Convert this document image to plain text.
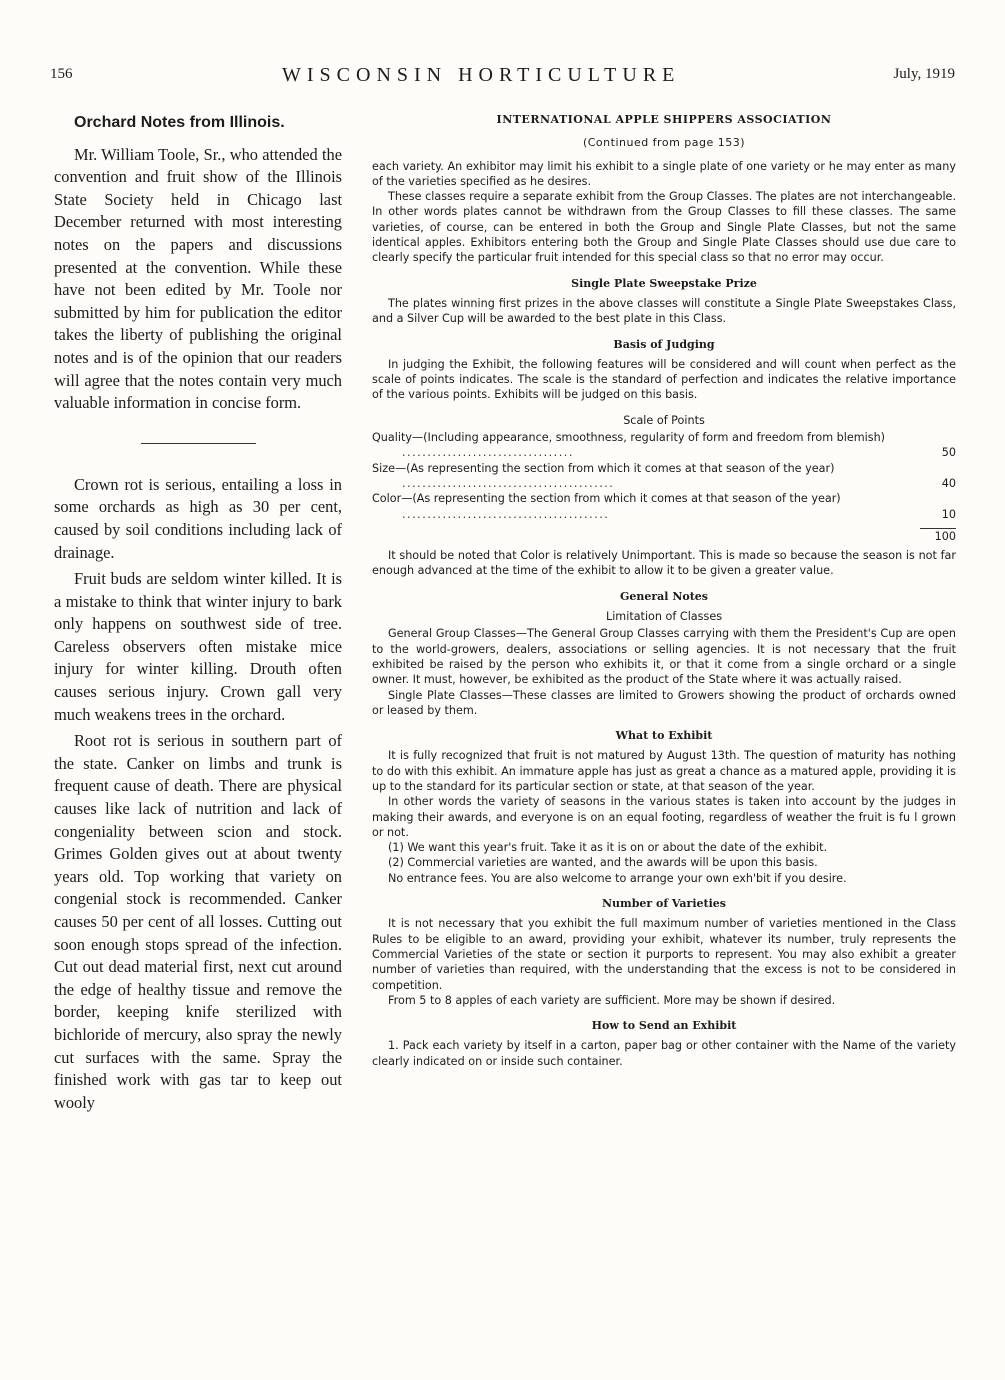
156	WISCONSIN HORTICULTURE	July, 1919
Orchard Notes from Illinois.

Mr. William Toole, Sr., who attended the convention and fruit show of the Illinois State Society held in Chicago last December returned with most interesting notes on the papers and discussions presented at the convention. While these have not been edited by Mr. Toole nor submitted by him for publication the editor takes the liberty of publishing the original notes and is of the opinion that our readers will agree that the notes contain very much valuable information in concise form.

Crown rot is serious, entailing a loss in some orchards as high as 30 per cent, caused by soil conditions including lack of drainage.

Fruit buds are seldom winter killed. It is a mistake to think that winter injury to bark only happens on southwest side of tree. Careless observers often mistake mice injury for winter killing. Drouth often causes serious injury. Crown gall very much weakens trees in the orchard.

Root rot is serious in southern part of the state. Canker on limbs and trunk is frequent cause of death. There are physical causes like lack of nutrition and lack of congeniality between scion and stock. Grimes Golden gives out at about twenty years old. Top working that variety on congenial stock is recommended. Canker causes 50 per cent of all losses. Cutting out soon enough stops spread of the infection. Cut out dead material first, next cut around the edge of healthy tissue and remove the border, keeping knife sterilized with bichloride of mercury, also spray the newly cut surfaces with the same. Spray the finished work with gas tar to keep out wooly

INTERNATIONAL APPLE SHIPPERS ASSOCIATION
(Continued from page 153)

each variety. An exhibitor may limit his exhibit to a single plate of one variety or he may enter as many of the varieties specified as he desires.

These classes require a separate exhibit from the Group Classes. The plates are not interchangeable. In other words plates cannot be withdrawn from the Group Classes to fill these classes. The same varieties, of course, can be entered in both the Group and Single Plate Classes, but not the same identical apples. Exhibitors entering both the Group and Single Plate Classes should use due care to clearly specify the particular fruit intended for this special class so that no error may occur.

Single Plate Sweepstake Prize

The plates winning first prizes in the above classes will constitute a Single Plate Sweepstakes Class, and a Silver Cup will be awarded to the best plate in this Class.

Basis of Judging

In judging the Exhibit, the following features will be considered and will count when perfect as the scale of points indicates. The scale is the standard of perfection and indicates the relative importance of the various points. Exhibits will be judged on this basis.

Scale of Points
Quality—(Including appearance, smoothness, regularity of form and freedom from blemish) ..................................	50
Size—(As representing the section from which it comes at that season of the year) ..........................................	40
Color—(As representing the section from which it comes at that season of the year) .........................................	10
100

It should be noted that Color is relatively Unimportant. This is made so because the season is not far enough advanced at the time of the exhibit to allow it to be given a greater value.

General Notes
Limitation of Classes

General Group Classes—The General Group Classes carrying with them the President's Cup are open to the world-growers, dealers, associations or selling agencies. It is not necessary that the fruit exhibited be raised by the person who exhibits it, or that it come from a single orchard or a single owner. It must, however, be exhibited as the product of the State where it was actually raised.

Single Plate Classes—These classes are limited to Growers showing the product of orchards owned or leased by them.

What to Exhibit

It is fully recognized that fruit is not matured by August 13th. The question of maturity has nothing to do with this exhibit. An immature apple has just as great a chance as a matured apple, providing it is up to the standard for its particular section or state, at that season of the year.

In other words the variety of seasons in the various states is taken into account by the judges in making their awards, and everyone is on an equal footing, regardless of weather the fruit is fu l grown or not.

(1) We want this year's fruit. Take it as it is on or about the date of the exhibit.

(2) Commercial varieties are wanted, and the awards will be upon this basis.

No entrance fees. You are also welcome to arrange your own exh'bit if you desire.

Number of Varieties

It is not necessary that you exhibit the full maximum number of varieties mentioned in the Class Rules to be eligible to an award, providing your exhibit, whatever its number, truly represents the Commercial Varieties of the state or section it purports to represent. You may also exhibit a greater number of varieties than required, with the understanding that the excess is not to be considered in competition.

From 5 to 8 apples of each variety are sufficient. More may be shown if desired.

How to Send an Exhibit

1. Pack each variety by itself in a carton, paper bag or other container with the Name of the variety clearly indicated on or inside such container.
